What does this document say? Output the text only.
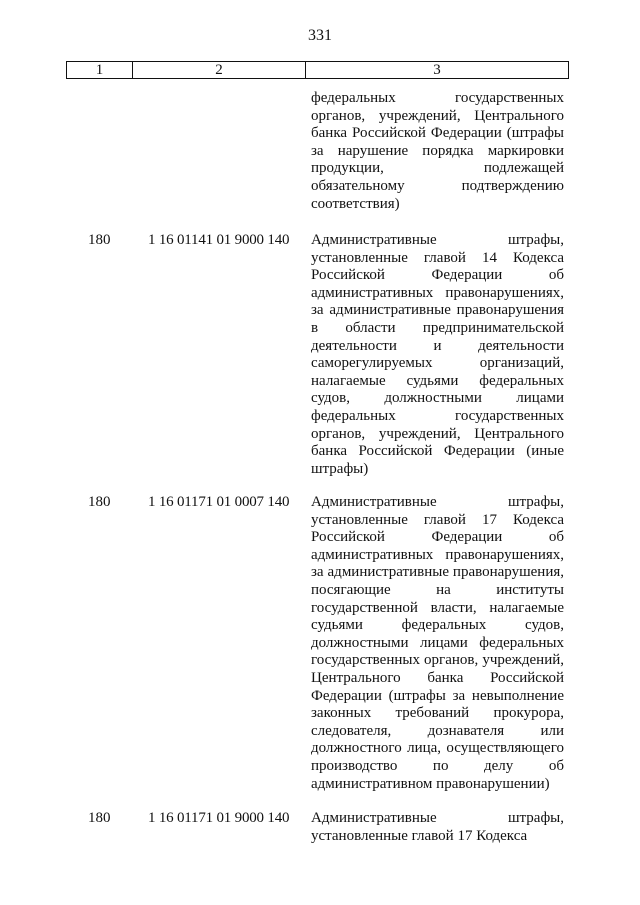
331
1	2	3
федеральных государственных
органов, учреждений, Центрального
банка Российской Федерации (штрафы
за нарушение порядка маркировки
продукции, подлежащей
обязательному подтверждению
соответствия)
180	1 16 01141 01 9000 140	Административные штрафы,
установленные главой 14 Кодекса
Российской Федерации об
административных правонарушениях,
за административные правонарушения
в области предпринимательской
деятельности и деятельности
саморегулируемых организаций,
налагаемые судьями федеральных
судов, должностными лицами
федеральных государственных
органов, учреждений, Центрального
банка Российской Федерации (иные
штрафы)
180	1 16 01171 01 0007 140	Административные штрафы,
установленные главой 17 Кодекса
Российской Федерации об
административных правонарушениях,
за административные правонарушения,
посягающие на институты
государственной власти, налагаемые
судьями федеральных судов,
должностными лицами федеральных
государственных органов, учреждений,
Центрального банка Российской
Федерации (штрафы за невыполнение
законных требований прокурора,
следователя, дознавателя или
должностного лица, осуществляющего
производство по делу об
административном правонарушении)
180	1 16 01171 01 9000 140	Административные штрафы,
установленные главой 17 Кодекса
